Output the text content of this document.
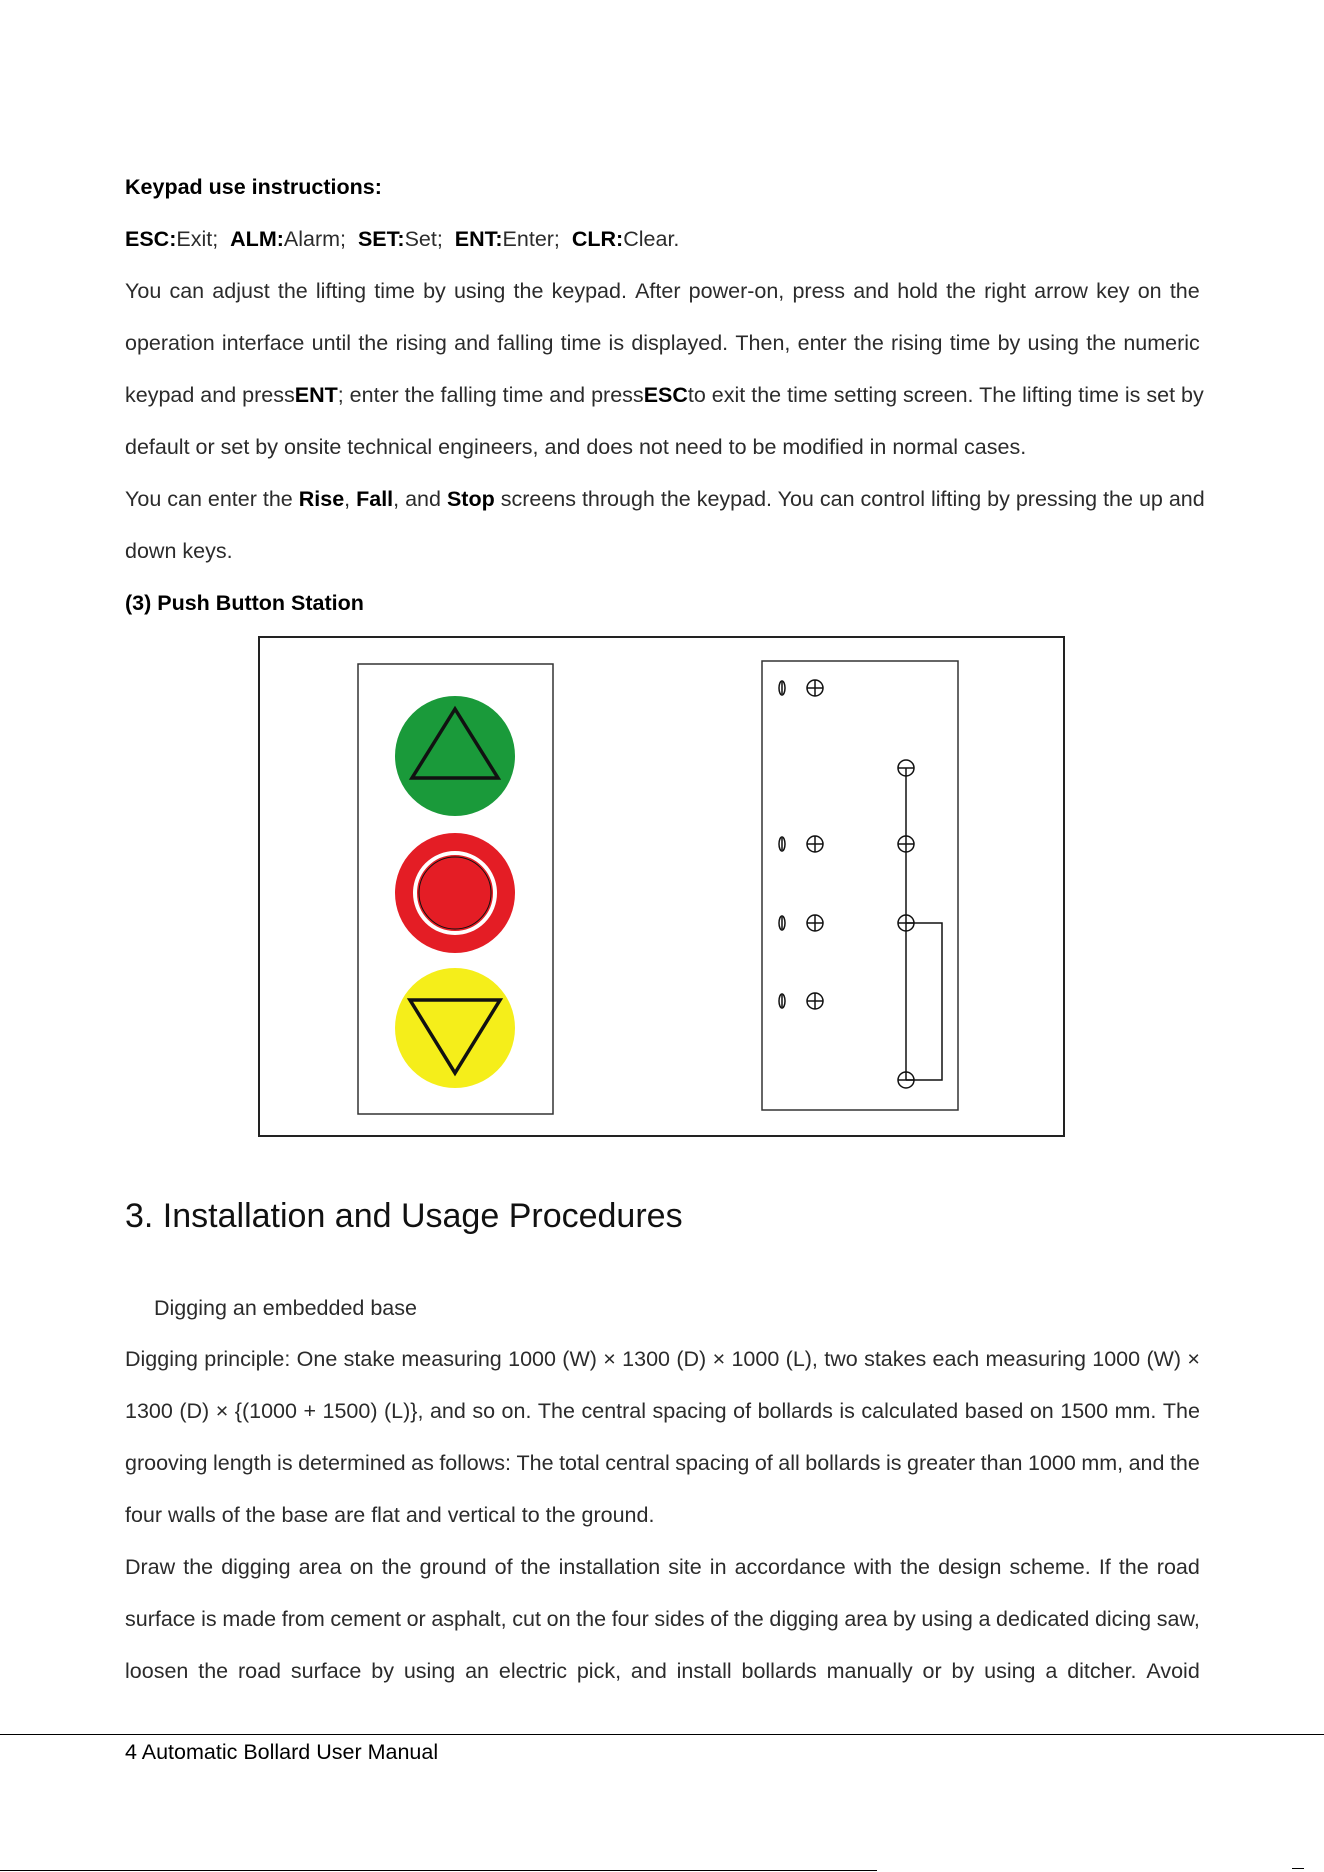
Keypad use instructions:
ESC:Exit; ALM:Alarm; SET:Set; ENT:Enter; CLR:Clear.
You can adjust the lifting time by using the keypad. After power-on, press and hold the right arrow key on the
operation interface until the rising and falling time is displayed. Then, enter the rising time by using the numeric
keypad and pressENT; enter the falling time and pressESCto exit the time setting screen. The lifting time is set by
default or set by onsite technical engineers, and does not need to be modified in normal cases.
You can enter the Rise, Fall, and Stop screens through the keypad. You can control lifting by pressing the up and
down keys.
(3) Push Button Station
3. Installation and Usage Procedures
Digging an embedded base
Digging principle: One stake measuring 1000 (W) × 1300 (D) × 1000 (L), two stakes each measuring 1000 (W) ×
1300 (D) × {(1000 + 1500) (L)}, and so on. The central spacing of bollards is calculated based on 1500 mm. The
grooving length is determined as follows: The total central spacing of all bollards is greater than 1000 mm, and the
four walls of the base are flat and vertical to the ground.
Draw the digging area on the ground of the installation site in accordance with the design scheme. If the road
surface is made from cement or asphalt, cut on the four sides of the digging area by using a dedicated dicing saw,
loosen the road surface by using an electric pick, and install bollards manually or by using a ditcher. Avoid
4 Automatic Bollard User Manual
